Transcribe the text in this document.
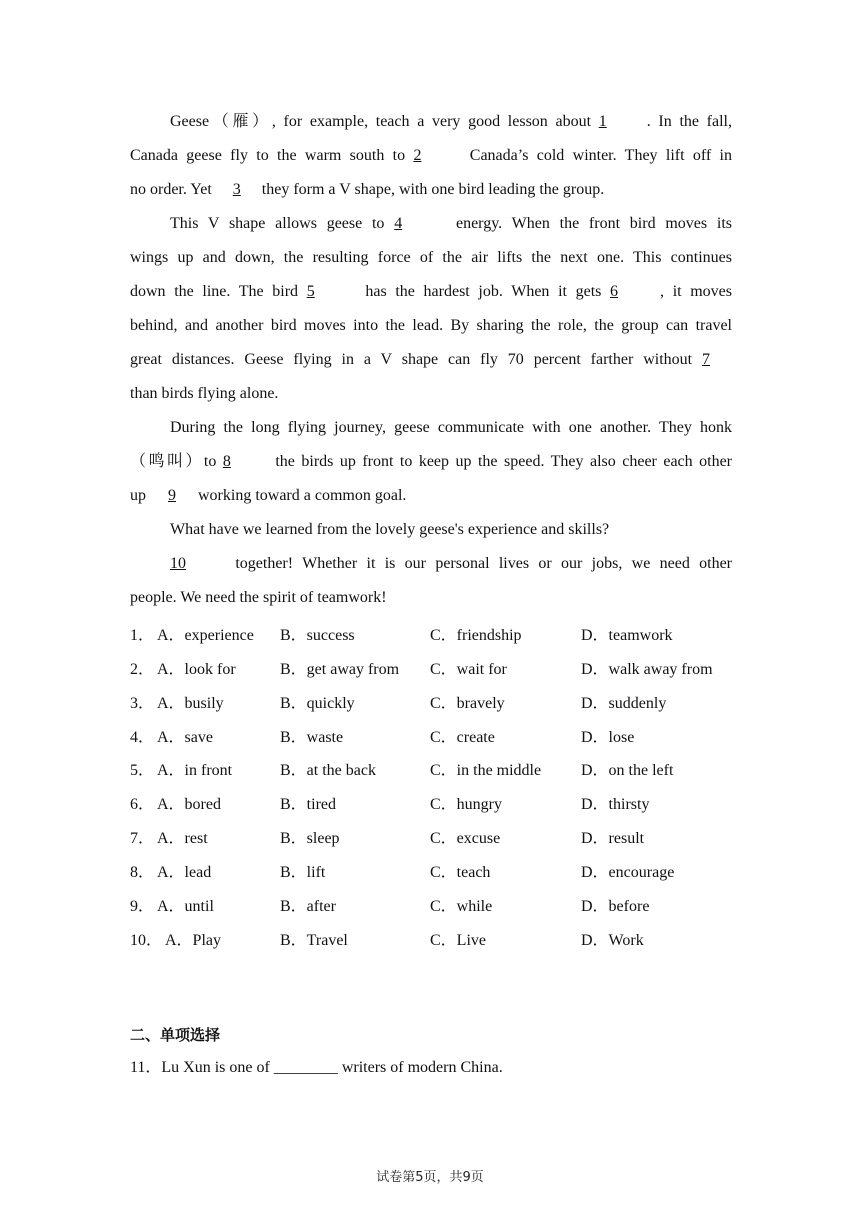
Geese（雁）, for example, teach a very good lesson about 1	. In the fall,
Canada geese fly to the warm south to 2	Canada’s cold winter. They lift off in
no order. Yet 3 they form a V shape, with one bird leading the group.
This V shape allows geese to 4	energy. When the front bird moves its
wings up and down, the resulting force of the air lifts the next one. This continues
down the line. The bird 5	has the hardest job. When it gets 6	, it moves
behind, and another bird moves into the lead. By sharing the role, the group can travel
great distances. Geese flying in a V shape can fly 70 percent farther without 7
than birds flying alone.
During the long flying journey, geese communicate with one another. They honk
（鸣叫）to 8	the birds up front to keep up the speed. They also cheer each other
up 9 working toward a common goal.
What have we learned from the lovely geese's experience and skills?
10	together! Whether it is our personal lives or our jobs, we need other
people. We need the spirit of teamwork!
1． A．experience B．success	C．friendship	D．teamwork
2． A．look for	B．get away from C．wait for	D．walk away from
3． A．busily	B．quickly	C．bravely	D．suddenly
4． A．save	B．waste	C．create	D．lose
5． A．in front	B．at the back	C．in the middle D．on the left
6． A．bored	B．tired	C．hungry	D．thirsty
7． A．rest	B．sleep	C．excuse	D．result
8． A．lead	B．lift	C．teach	D．encourage
9． A．until	B．after	C．while	D．before
10． A．Play	B．Travel	C．Live	D．Work
二、单项选择
11．Lu Xun is one of ________ writers of modern China.
试卷第5页，共9页
